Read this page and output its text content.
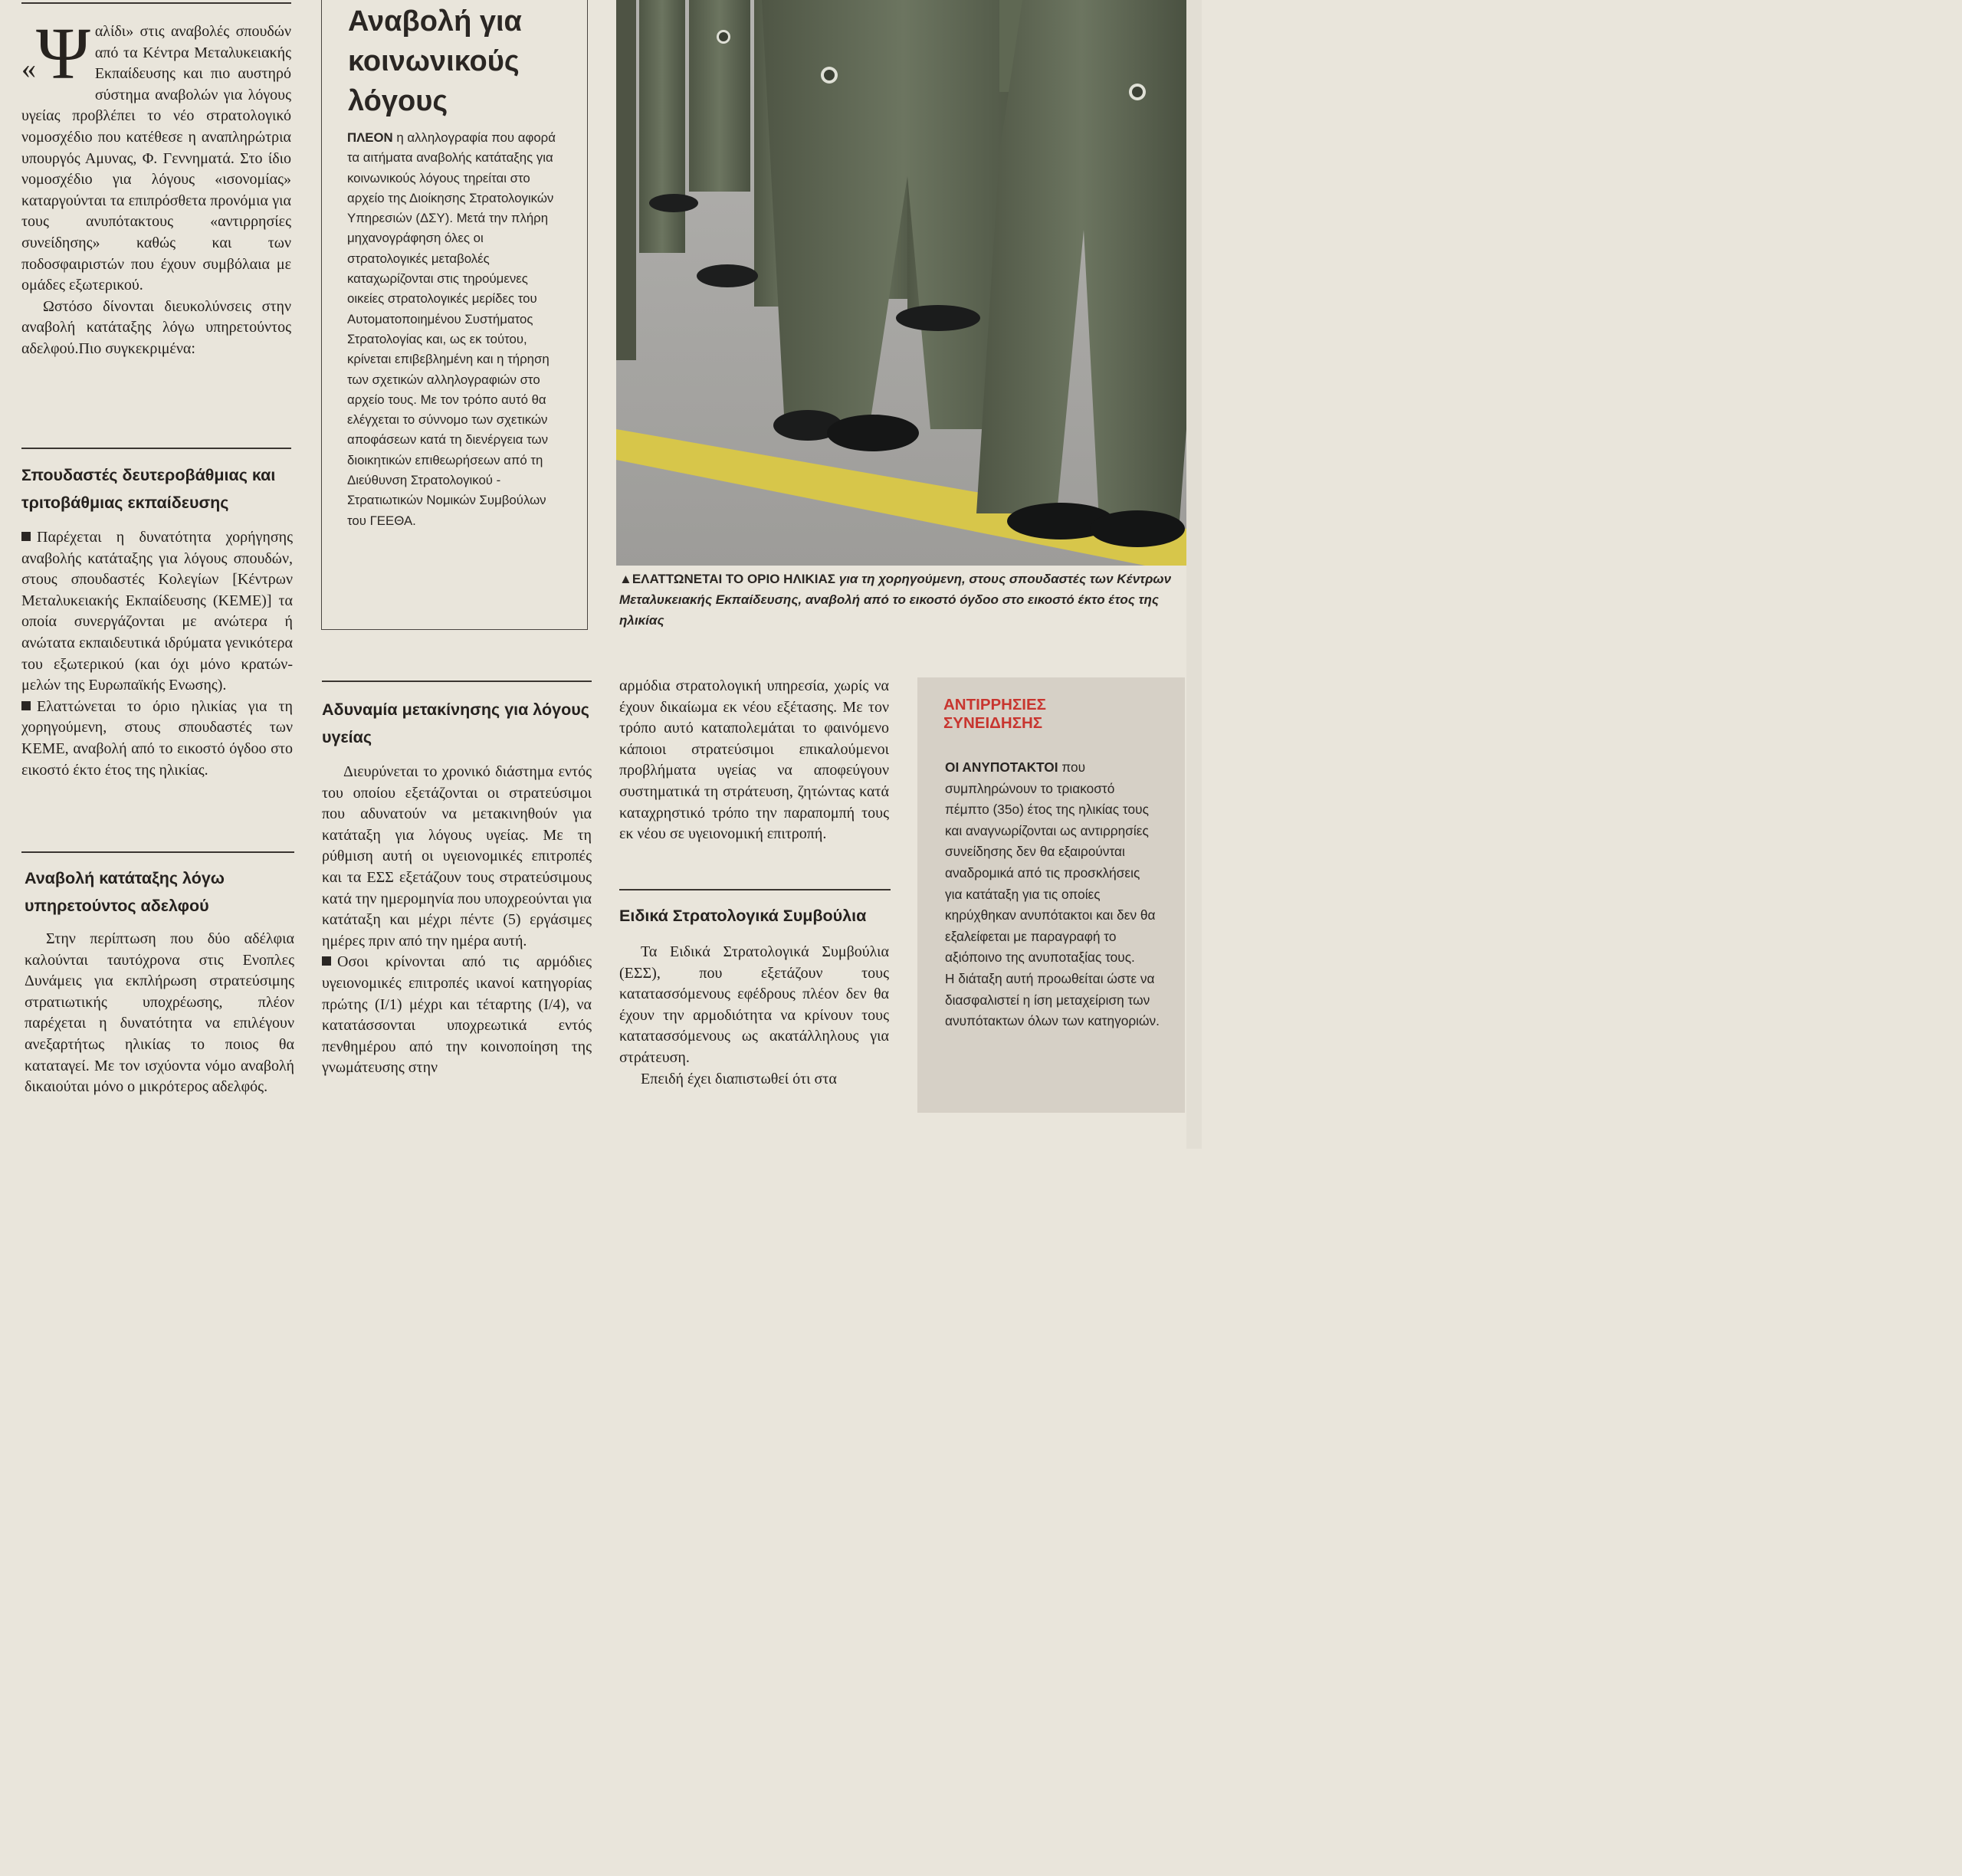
«Ψ αλίδι» στις αναβολές σπουδών από τα Κέντρα Μεταλυκειακής Εκπαίδευσης και πιο αυστηρό σύστημα αναβολών για λόγους υγείας προβλέπει το νέο στρατολογικό νομοσχέδιο που κατέθεσε η αναπληρώτρια υπουργός Αμυνας, Φ. Γεννηματά. Στο ίδιο νομοσχέδιο για λόγους «ισονομίας» καταργούνται τα επιπρόσθετα προνόμια για τους ανυπότακτους «αντιρρησίες συνείδησης» καθώς και των ποδοσφαιριστών που έχουν συμβόλαια με ομάδες εξωτερικού.

Ωστόσο δίνονται διευκολύνσεις στην αναβολή κατάταξης λόγω υπηρετούντος αδελφού.Πιο συγκεκριμένα:

Σπουδαστές δευτεροβάθμιας και τριτοβάθμιας εκπαίδευσης

Παρέχεται η δυνατότητα χορήγησης αναβολής κατάταξης για λόγους σπουδών, στους σπουδαστές Κολεγίων [Κέντρων Μεταλυκειακής Εκπαίδευσης (ΚΕΜΕ)] τα οποία συνεργάζονται με ανώτερα ή ανώτατα εκπαιδευτικά ιδρύματα γενικότερα του εξωτερικού (και όχι μόνο κρατών- μελών της Ευρωπαϊκής Ενωσης).

Ελαττώνεται το όριο ηλικίας για τη χορηγούμενη, στους σπουδαστές των ΚΕΜΕ, αναβολή από το εικοστό όγδοο στο εικοστό έκτο έτος της ηλικίας.

Αναβολή κατάταξης λόγω υπηρετούντος αδελφού

Στην περίπτωση που δύο αδέλφια καλούνται ταυτόχρονα στις Ενοπλες Δυνάμεις για εκπλήρωση στρατεύσιμης στρατιωτικής υποχρέωσης, πλέον παρέχεται η δυνατότητα να επιλέγουν ανεξαρτήτως ηλικίας το ποιος θα καταταγεί. Με τον ισχύοντα νόμο αναβολή δικαιούται μόνο ο μικρότερος αδελφός.

Αναβολή για κοινωνικούς λόγους

ΠΛΕΟΝ η αλληλογραφία που αφορά τα αιτήματα αναβολής κατάταξης για κοινωνικούς λόγους τηρείται στο αρχείο της Διοίκησης Στρατολογικών Υπηρεσιών (ΔΣΥ). Μετά την πλήρη μηχανογράφηση όλες οι στρατολογικές μεταβολές καταχωρίζονται στις τηρούμενες οικείες στρατολογικές μερίδες του Αυτοματοποιημένου Συστήματος Στρατολογίας και, ως εκ τούτου, κρίνεται επιβεβλημένη και η τήρηση των σχετικών αλληλογραφιών στο αρχείο τους. Με τον τρόπο αυτό θα ελέγχεται το σύννομο των σχετικών αποφάσεων κατά τη διενέργεια των διοικητικών επιθεωρήσεων από τη Διεύθυνση Στρατολογικού - Στρατιωτικών Νομικών Συμβούλων του ΓΕΕΘΑ.

Αδυναμία μετακίνησης για λόγους υγείας

Διευρύνεται το χρονικό διάστημα εντός του οποίου εξετάζονται οι στρατεύσιμοι που αδυνατούν να μετακινηθούν για κατάταξη για λόγους υγείας. Με τη ρύθμιση αυτή οι υγειονομικές επιτροπές και τα ΕΣΣ εξετάζουν τους στρατεύσιμους κατά την ημερομηνία που υποχρεούνται για κατάταξη και μέχρι πέντε (5) εργάσιμες ημέρες πριν από την ημέρα αυτή.

Οσοι κρίνονται από τις αρμόδιες υγειονομικές επιτροπές ικανοί κατηγορίας πρώτης (Ι/1) μέχρι και τέταρτης (Ι/4), να κατατάσσονται υποχρεωτικά εντός πενθημέρου από την κοινοποίηση της γνωμάτευσης στην

▲ΕΛΑΤΤΩΝΕΤΑΙ ΤΟ ΟΡΙΟ ΗΛΙΚΙΑΣ για τη χορηγούμενη, στους σπουδαστές των Κέντρων Μεταλυκειακής Εκπαίδευσης, αναβολή από το εικοστό όγδοο στο εικοστό έκτο έτος της ηλικίας

αρμόδια στρατολογική υπηρεσία, χωρίς να έχουν δικαίωμα εκ νέου εξέτασης. Με τον τρόπο αυτό καταπολεμάται το φαινόμενο κάποιοι στρατεύσιμοι επικαλούμενοι προβλήματα υγείας να αποφεύγουν συστηματικά τη στράτευση, ζητώντας κατά καταχρηστικό τρόπο την παραπομπή τους εκ νέου σε υγειονομική επιτροπή.

Ειδικά Στρατολογικά Συμβούλια

Τα Ειδικά Στρατολογικά Συμβούλια (ΕΣΣ), που εξετάζουν τους κατατασσόμενους εφέδρους πλέον δεν θα έχουν την αρμοδιότητα να κρίνουν τους κατατασσόμενους ως ακατάλληλους για στράτευση.

Επειδή έχει διαπιστωθεί ότι στα

ΑΝΤΙΡΡΗΣΙΕΣ
ΣΥΝΕΙΔΗΣΗΣ

ΟΙ ΑΝΥΠΟΤΑΚΤΟΙ που συμπληρώνουν το τριακοστό πέμπτο (35ο) έτος της ηλικίας τους και αναγνωρίζονται ως αντιρρησίες συνείδησης δεν θα εξαιρούνται αναδρομικά από τις προσκλήσεις για κατάταξη για τις οποίες κηρύχθηκαν ανυπότακτοι και δεν θα εξαλείφεται με παραγραφή το αξιόποινο της ανυποταξίας τους.
Η διάταξη αυτή προωθείται ώστε να διασφαλιστεί η ίση μεταχείριση των ανυπότακτων όλων των κατηγοριών.
